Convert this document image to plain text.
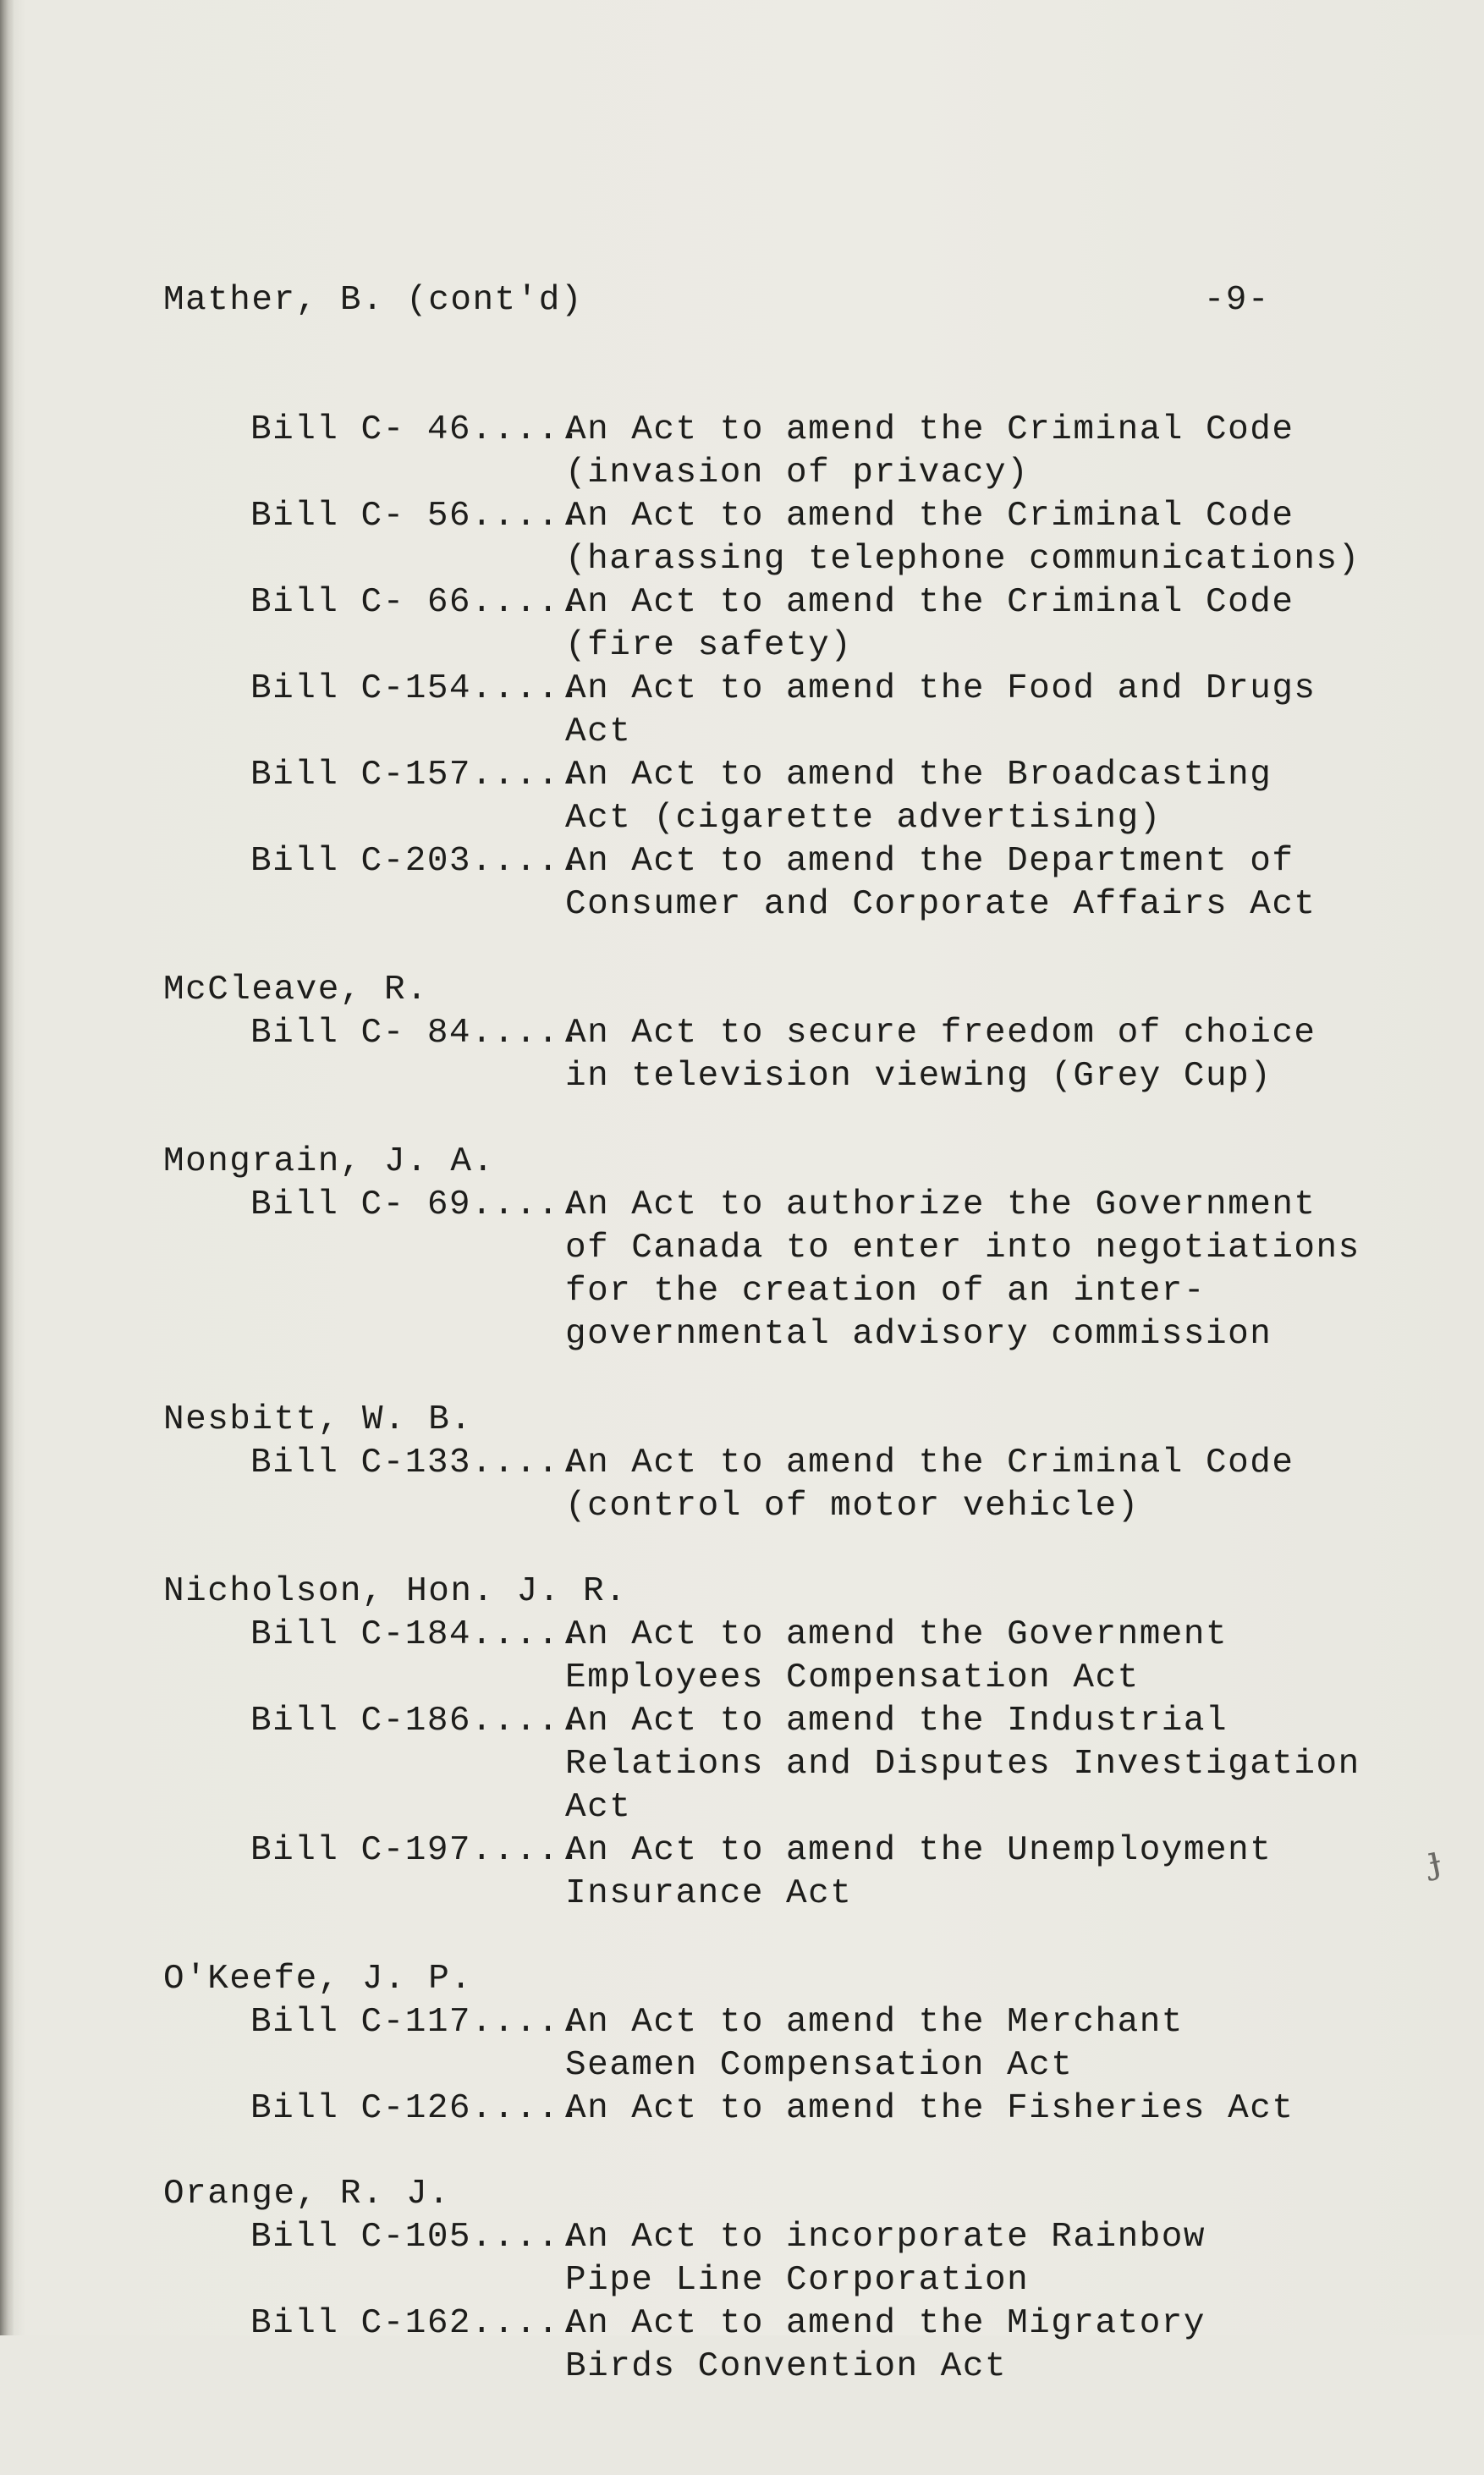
Mather, B. (cont'd)	-9-

Bill C- 46.....
An Act to amend the Criminal Code
(invasion of privacy)
Bill C- 56.....
An Act to amend the Criminal Code
(harassing telephone communications)
Bill C- 66.....
An Act to amend the Criminal Code
(fire safety)
Bill C-154.....
An Act to amend the Food and Drugs
Act
Bill C-157.....
An Act to amend the Broadcasting
Act (cigarette advertising)
Bill C-203.....
An Act to amend the Department of
Consumer and Corporate Affairs Act
McCleave, R.
Bill C- 84.....
An Act to secure freedom of choice
in television viewing (Grey Cup)
Mongrain, J. A.
Bill C- 69.....
An Act to authorize the Government
of Canada to enter into negotiations
for the creation of an inter-
governmental advisory commission
Nesbitt, W. B.
Bill C-133.....
An Act to amend the Criminal Code
(control of motor vehicle)
Nicholson, Hon. J. R.
Bill C-184.....
An Act to amend the Government
Employees Compensation Act
Bill C-186.....
An Act to amend the Industrial
Relations and Disputes Investigation
Act
Bill C-197.....
An Act to amend the Unemployment
Insurance Act
O'Keefe, J. P.
Bill C-117.....
An Act to amend the Merchant
Seamen Compensation Act
Bill C-126.....
An Act to amend the Fisheries Act
Orange, R. J.
Bill C-105.....
An Act to incorporate Rainbow
Pipe Line Corporation
Bill C-162.....
An Act to amend the Migratory
Birds Convention Act

ɟ
